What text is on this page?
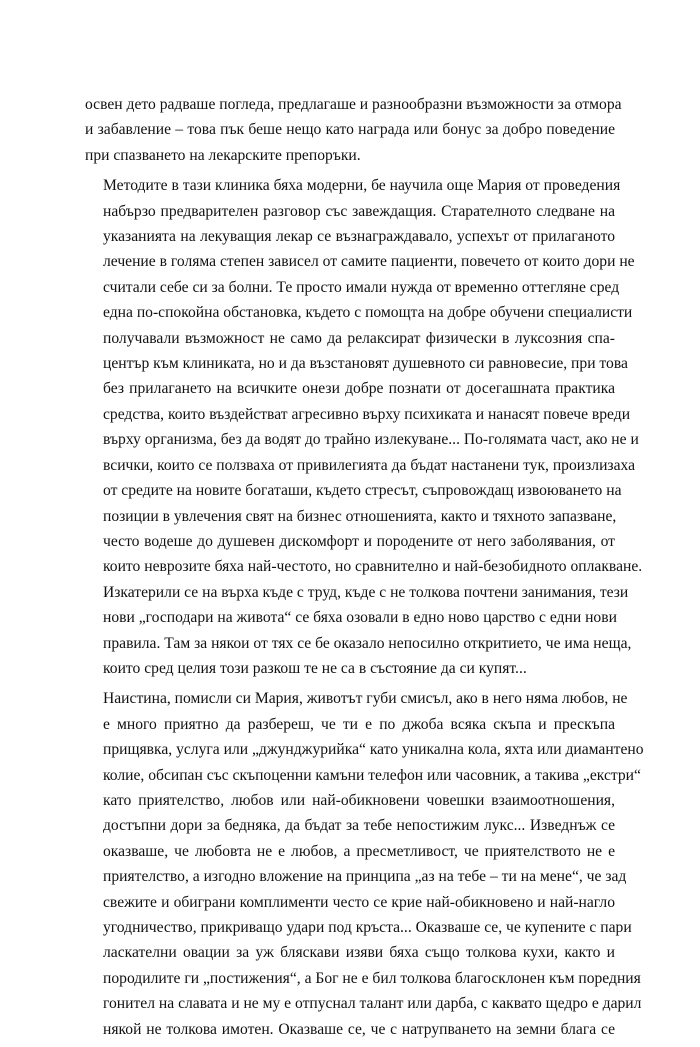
освен дето радваше погледа, предлагаше и разнообразни възможности за отмора
и забавление – това пък беше нещо като награда или бонус за добро поведение
при спазването на лекарските препоръки.
Методите в тази клиника бяха модерни, бе научила още Мария от проведения
набързо предварителен разговор със завеждащия. Старателното следване на
указанията на лекуващия лекар се възнаграждавало, успехът от прилаганото
лечение в голяма степен зависел от самите пациенти, повечето от които дори не
считали себе си за болни. Те просто имали нужда от временно оттегляне сред
една по-спокойна обстановка, където с помощта на добре обучени специалисти
получавали възможност не само да релаксират физически в луксозния спа-
център към клиниката, но и да възстановят душевното си равновесие, при това
без прилагането на всичките онези добре познати от досегашната практика
средства, които въздействат агресивно върху психиката и нанасят повече вреди
върху организма, без да водят до трайно излекуване... По-голямата част, ако не и
всички, които се ползваха от привилегията да бъдат настанени тук, произлизаха
от средите на новите богаташи, където стресът, съпровождащ извоюването на
позиции в увлечения свят на бизнес отношенията, както и тяхното запазване,
често водеше до душевен дискомфорт и породените от него заболявания, от
които неврозите бяха най-честото, но сравнително и най-безобидното оплакване.
Изкатерили се на върха къде с труд, къде с не толкова почтени занимания, тези
нови „господари на живота“ се бяха озовали в едно ново царство с едни нови
правила. Там за някои от тях се бе оказало непосилно откритието, че има неща,
които сред целия този разкош те не са в състояние да си купят...
Наистина, помисли си Мария, животът губи смисъл, ако в него няма любов, не
е много приятно да разбереш, че ти е по джоба всяка скъпа и прескъпа
прищявка, услуга или „джунджурийка“ като уникална кола, яхта или диамантено
колие, обсипан със скъпоценни камъни телефон или часовник, а такива „екстри“
като приятелство, любов или най-обикновени човешки взаимоотношения,
достъпни дори за бедняка, да бъдат за тебе непостижим лукс... Изведнъж се
оказваше, че любовта не е любов, а пресметливост, че приятелството не е
приятелство, а изгодно вложение на принципа „аз на тебе – ти на мене“, че зад
свежите и обиграни комплименти често се крие най-обикновено и най-нагло
угодничество, прикриващо удари под кръста... Оказваше се, че купените с пари
ласкателни овации за уж бляскави изяви бяха също толкова кухи, както и
породилите ги „постижения“, а Бог не е бил толкова благосклонен към поредния
гонител на славата и не му е отпуснал талант или дарба, с каквато щедро е дарил
някой не толкова имотен. Оказваше се, че с натрупването на земни блага се
